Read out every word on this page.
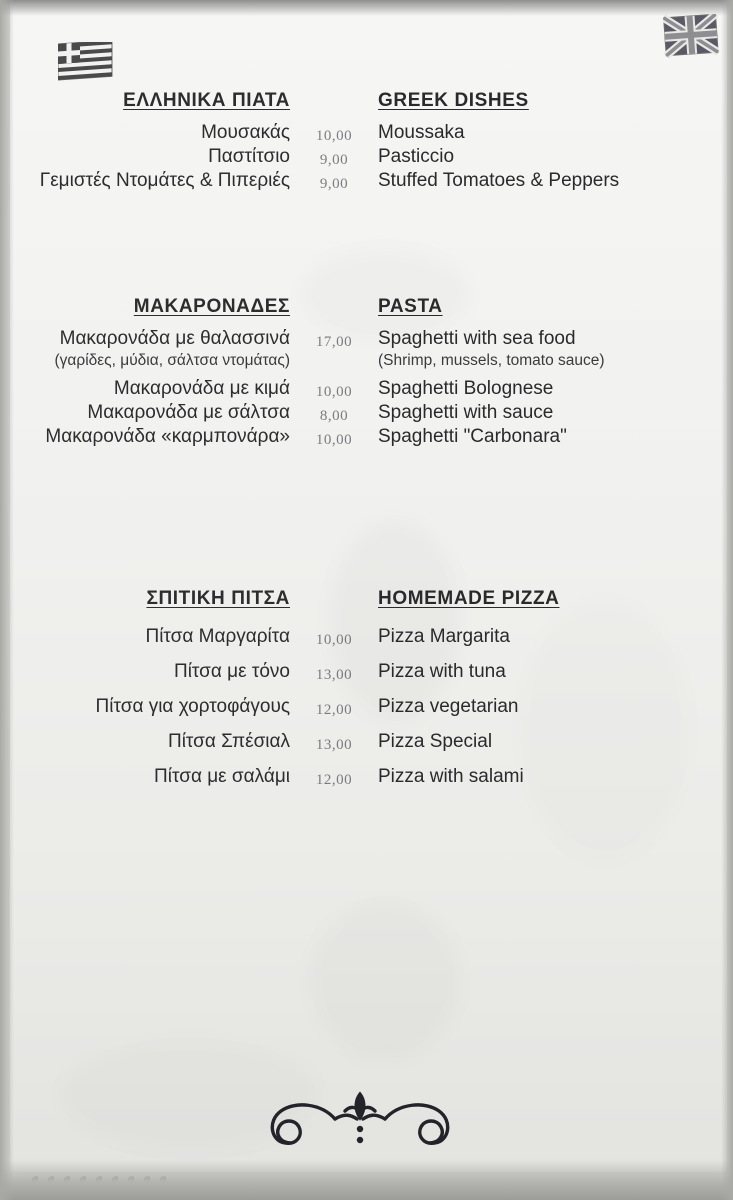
ΕΛΛΗΝΙΚΑ ΠΙΑΤΑ	GREEK DISHES
Μουσακάς	10,00	Moussaka
Παστίτσιο	9,00	Pasticcio
Γεμιστές Ντομάτες & Πιπεριές	9,00	Stuffed Tomatoes & Peppers
ΜΑΚΑΡΟΝΑΔΕΣ	PASTA
Μακαρονάδα με θαλασσινά	17,00	Spaghetti with sea food
(γαρίδες, μύδια, σάλτσα ντομάτας)	(Shrimp, mussels, tomato sauce)
Μακαρονάδα με κιμά	10,00	Spaghetti Bolognese
Μακαρονάδα με σάλτσα	8,00	Spaghetti with sauce
Μακαρονάδα «καρμπονάρα»	10,00	Spaghetti "Carbonara"
ΣΠΙΤΙΚΗ ΠΙΤΣΑ	HOMEMADE PIZZA
Πίτσα Μαργαρίτα	10,00	Pizza Margarita
Πίτσα με τόνο	13,00	Pizza with tuna
Πίτσα για χορτοφάγους	12,00	Pizza vegetarian
Πίτσα Σπέσιαλ	13,00	Pizza Special
Πίτσα με σαλάμι	12,00	Pizza with salami
